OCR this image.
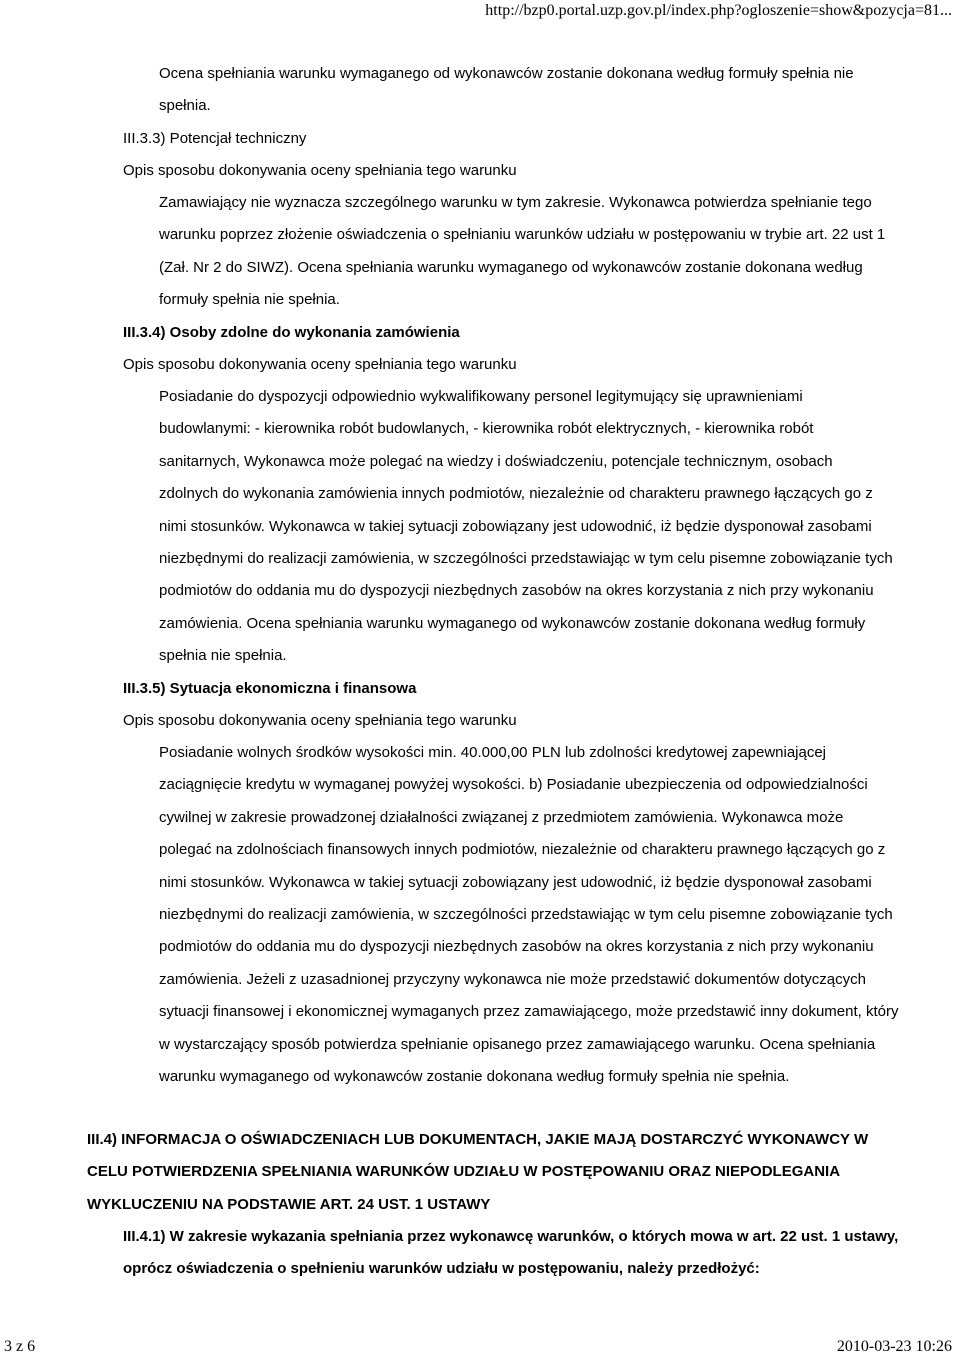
http://bzp0.portal.uzp.gov.pl/index.php?ogloszenie=show&pozycja=81...
Ocena spełniania warunku wymaganego od wykonawców zostanie dokonana według formuły spełnia nie spełnia.
III.3.3) Potencjał techniczny
Opis sposobu dokonywania oceny spełniania tego warunku
Zamawiający nie wyznacza szczególnego warunku w tym zakresie. Wykonawca potwierdza spełnianie tego warunku poprzez złożenie oświadczenia o spełnianiu warunków udziału w postępowaniu w trybie art. 22 ust 1 (Zał. Nr 2 do SIWZ). Ocena spełniania warunku wymaganego od wykonawców zostanie dokonana według formuły spełnia nie spełnia.
III.3.4) Osoby zdolne do wykonania zamówienia
Opis sposobu dokonywania oceny spełniania tego warunku
Posiadanie do dyspozycji odpowiednio wykwalifikowany personel legitymujący się uprawnieniami budowlanymi: - kierownika robót budowlanych, - kierownika robót elektrycznych, - kierownika robót sanitarnych, Wykonawca może polegać na wiedzy i doświadczeniu, potencjale technicznym, osobach zdolnych do wykonania zamówienia innych podmiotów, niezależnie od charakteru prawnego łączących go z nimi stosunków. Wykonawca w takiej sytuacji zobowiązany jest udowodnić, iż będzie dysponował zasobami niezbędnymi do realizacji zamówienia, w szczególności przedstawiając w tym celu pisemne zobowiązanie tych podmiotów do oddania mu do dyspozycji niezbędnych zasobów na okres korzystania z nich przy wykonaniu zamówienia. Ocena spełniania warunku wymaganego od wykonawców zostanie dokonana według formuły spełnia nie spełnia.
III.3.5) Sytuacja ekonomiczna i finansowa
Opis sposobu dokonywania oceny spełniania tego warunku
Posiadanie wolnych środków wysokości min. 40.000,00 PLN lub zdolności kredytowej zapewniającej zaciągnięcie kredytu w wymaganej powyżej wysokości. b) Posiadanie ubezpieczenia od odpowiedzialności cywilnej w zakresie prowadzonej działalności związanej z przedmiotem zamówienia. Wykonawca może polegać na zdolnościach finansowych innych podmiotów, niezależnie od charakteru prawnego łączących go z nimi stosunków. Wykonawca w takiej sytuacji zobowiązany jest udowodnić, iż będzie dysponował zasobami niezbędnymi do realizacji zamówienia, w szczególności przedstawiając w tym celu pisemne zobowiązanie tych podmiotów do oddania mu do dyspozycji niezbędnych zasobów na okres korzystania z nich przy wykonaniu zamówienia. Jeżeli z uzasadnionej przyczyny wykonawca nie może przedstawić dokumentów dotyczących sytuacji finansowej i ekonomicznej wymaganych przez zamawiającego, może przedstawić inny dokument, który w wystarczający sposób potwierdza spełnianie opisanego przez zamawiającego warunku. Ocena spełniania warunku wymaganego od wykonawców zostanie dokonana według formuły spełnia nie spełnia.
III.4) INFORMACJA O OŚWIADCZENIACH LUB DOKUMENTACH, JAKIE MAJĄ DOSTARCZYĆ WYKONAWCY W CELU POTWIERDZENIA SPEŁNIANIA WARUNKÓW UDZIAŁU W POSTĘPOWANIU ORAZ NIEPODLEGANIA WYKLUCZENIU NA PODSTAWIE ART. 24 UST. 1 USTAWY
III.4.1) W zakresie wykazania spełniania przez wykonawcę warunków, o których mowa w art. 22 ust. 1 ustawy, oprócz oświadczenia o spełnieniu warunków udziału w postępowaniu, należy przedłożyć:
3 z 6	2010-03-23 10:26
